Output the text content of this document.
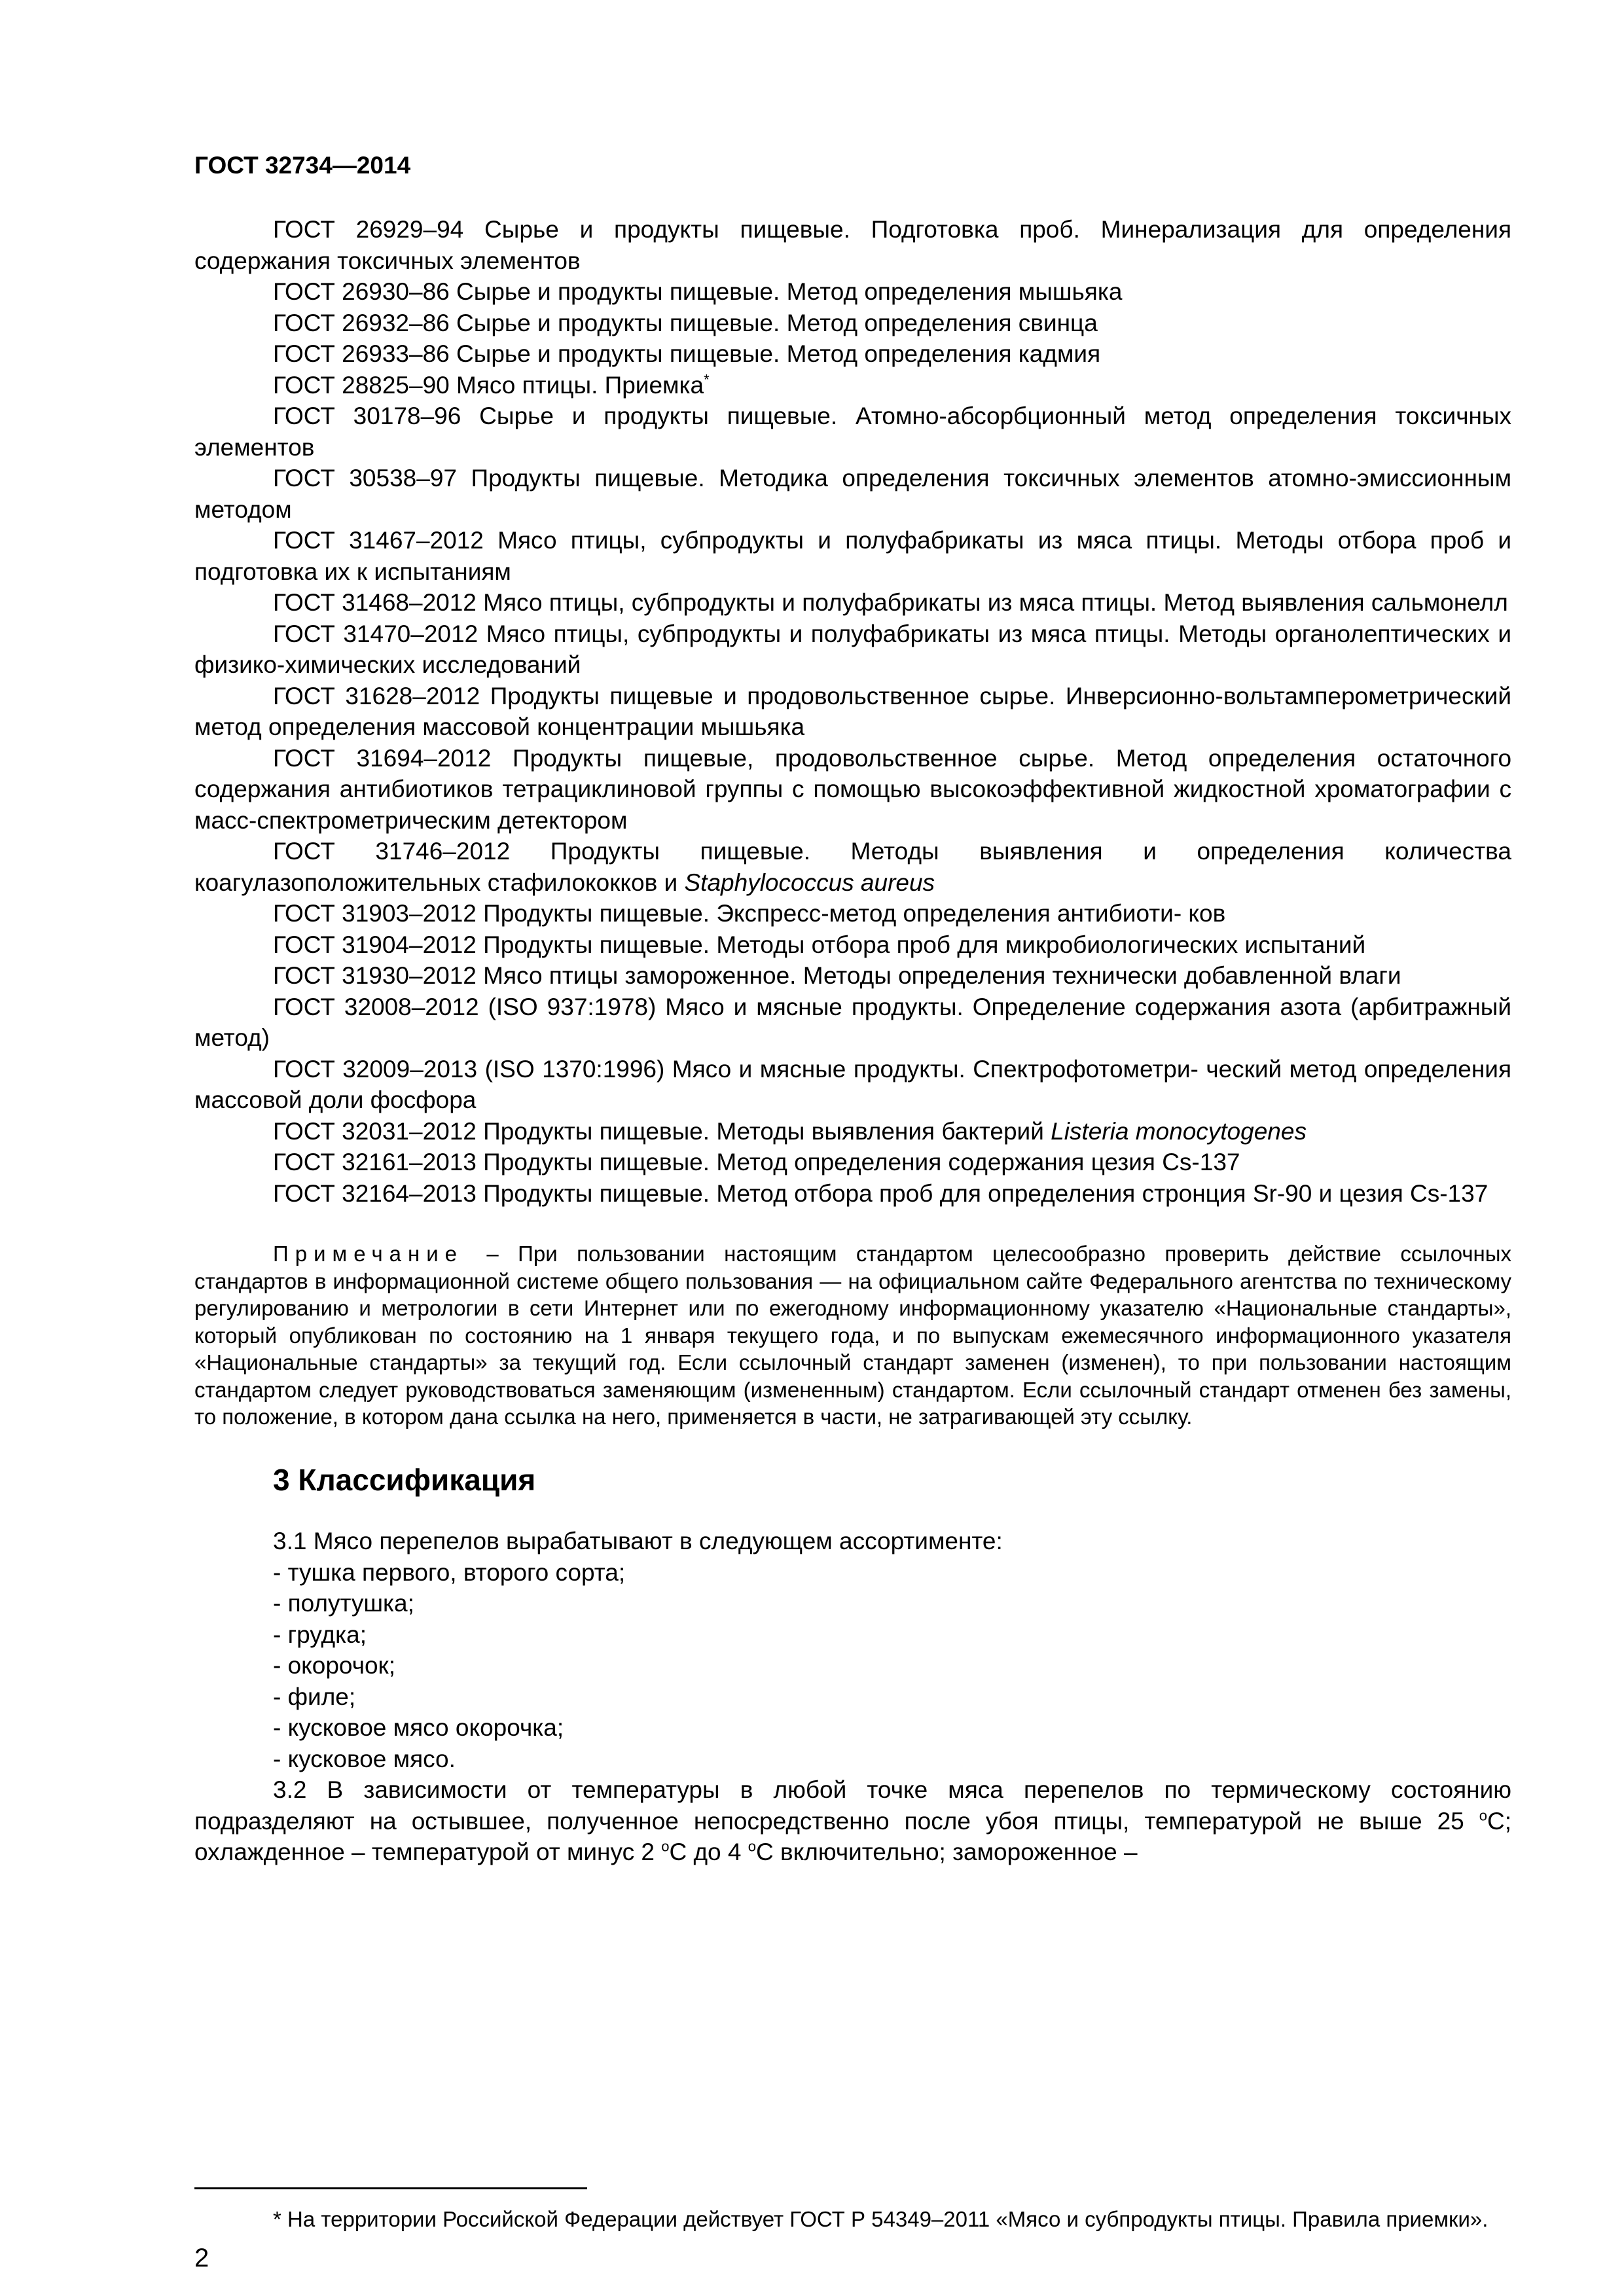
ГОСТ 32734—2014

ГОСТ 26929–94 Сырье и продукты пищевые. Подготовка проб. Минерализация для определения содержания токсичных элементов

ГОСТ 26930–86 Сырье и продукты пищевые. Метод определения мышьяка

ГОСТ 26932–86 Сырье и продукты пищевые. Метод определения свинца

ГОСТ 26933–86 Сырье и продукты пищевые. Метод определения кадмия

ГОСТ 28825–90 Мясо птицы. Приемка*

ГОСТ 30178–96 Сырье и продукты пищевые. Атомно-абсорбционный метод определения токсичных элементов

ГОСТ 30538–97 Продукты пищевые. Методика определения токсичных элементов атомно-эмиссионным методом

ГОСТ 31467–2012 Мясо птицы, субпродукты и полуфабрикаты из мяса птицы. Методы отбора проб и подготовка их к испытаниям

ГОСТ 31468–2012 Мясо птицы, субпродукты и полуфабрикаты из мяса птицы. Метод выявления сальмонелл

ГОСТ 31470–2012 Мясо птицы, субпродукты и полуфабрикаты из мяса птицы. Методы органолептических и физико-химических исследований

ГОСТ 31628–2012 Продукты пищевые и продовольственное сырье. Инверсионно-вольтамперометрический метод определения массовой концентрации мышьяка

ГОСТ 31694–2012 Продукты пищевые, продовольственное сырье. Метод определения остаточного содержания антибиотиков тетрациклиновой группы с помощью высокоэффективной жидкостной хроматографии с масс-спектрометрическим детектором

ГОСТ 31746–2012 Продукты пищевые. Методы выявления и определения количества коагулазоположительных стафилококков и Staphylococcus aureus

ГОСТ 31903–2012 Продукты пищевые. Экспресс-метод определения антибиоти- ков

ГОСТ 31904–2012 Продукты пищевые. Методы отбора проб для микробиологических испытаний

ГОСТ 31930–2012 Мясо птицы замороженное. Методы определения технически добавленной влаги

ГОСТ 32008–2012 (ISO 937:1978) Мясо и мясные продукты. Определение содержания азота (арбитражный метод)

ГОСТ 32009–2013 (ISO 1370:1996) Мясо и мясные продукты. Спектрофотометри- ческий метод определения массовой доли фосфора

ГОСТ 32031–2012 Продукты пищевые. Методы выявления бактерий Listeria monocytogenes

ГОСТ 32161–2013 Продукты пищевые. Метод определения содержания цезия Cs-137

ГОСТ 32164–2013 Продукты пищевые. Метод отбора проб для определения стронция Sr-90 и цезия Cs-137

Примечание – При пользовании настоящим стандартом целесообразно проверить действие ссылочных стандартов в информационной системе общего пользования — на официальном сайте Федерального агентства по техническому регулированию и метрологии в сети Интернет или по ежегодному информационному указателю «Национальные стандарты», который опубликован по состоянию на 1 января текущего года, и по выпускам ежемесячного информационного указателя «Национальные стандарты» за текущий год. Если ссылочный стандарт заменен (изменен), то при пользовании настоящим стандартом следует руководствоваться заменяющим (измененным) стандартом. Если ссылочный стандарт отменен без замены, то положение, в котором дана ссылка на него, применяется в части, не затрагивающей эту ссылку.

3 Классификация

3.1 Мясо перепелов вырабатывают в следующем ассортименте:

- тушка первого, второго сорта;
- полутушка;
- грудка;
- окорочок;
- филе;
- кусковое мясо окорочка;
- кусковое мясо.

3.2 В зависимости от температуры в любой точке мяса перепелов по термическому состоянию подразделяют на остывшее, полученное непосредственно после убоя птицы, температурой не выше 25 $^o$C; охлажденное – температурой от минус 2 $^o$C до 4 $^o$C включительно; замороженное –

* На территории Российской Федерации действует ГОСТ Р 54349–2011 «Мясо и субпродукты птицы. Правила приемки».

2
